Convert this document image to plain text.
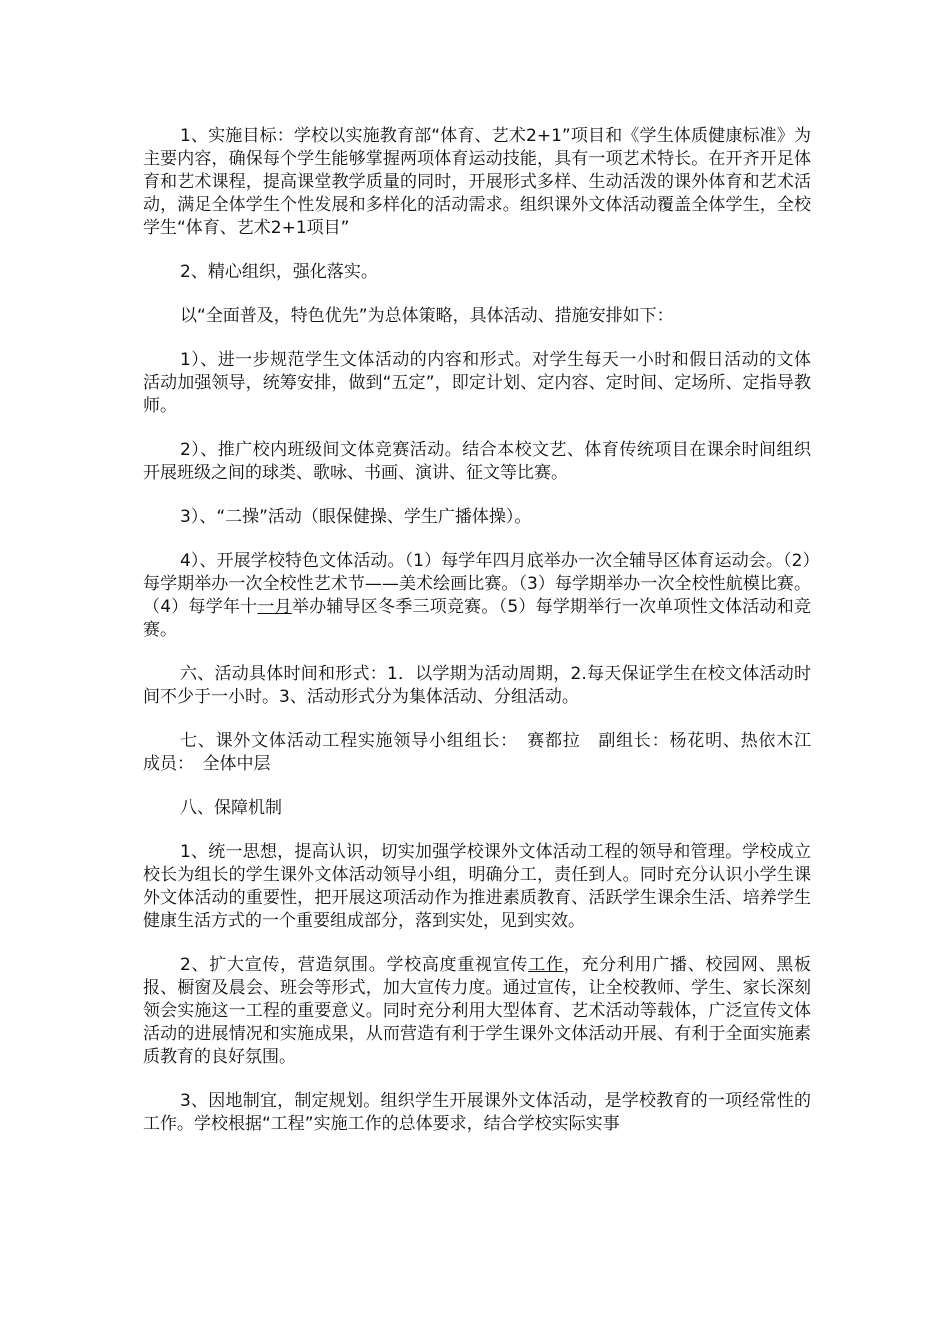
1、实施目标：学校以实施教育部“体育、艺术2+1”项目和《学生体质健康标准》为主要内容，确保每个学生能够掌握两项体育运动技能，具有一项艺术特长。在开齐开足体育和艺术课程，提高课堂教学质量的同时，开展形式多样、生动活泼的课外体育和艺术活动，满足全体学生个性发展和多样化的活动需求。组织课外文体活动覆盖全体学生，全校学生“体育、艺术2+1项目”

2、精心组织，强化落实。

以“全面普及，特色优先”为总体策略，具体活动、措施安排如下：

1）、进一步规范学生文体活动的内容和形式。对学生每天一小时和假日活动的文体活动加强领导，统筹安排，做到“五定”，即定计划、定内容、定时间、定场所、定指导教师。

2）、推广校内班级间文体竞赛活动。结合本校文艺、体育传统项目在课余时间组织开展班级之间的球类、歌咏、书画、演讲、征文等比赛。

3）、“二操”活动（眼保健操、学生广播体操）。

4）、开展学校特色文体活动。（1）每学年四月底举办一次全辅导区体育运动会。（2）每学期举办一次全校性艺术节——美术绘画比赛。（3）每学期举办一次全校性航模比赛。（4）每学年十一月举办辅导区冬季三项竞赛。（5）每学期举行一次单项性文体活动和竞赛。

六、活动具体时间和形式：1．以学期为活动周期，2.每天保证学生在校文体活动时间不少于一小时。3、活动形式分为集体活动、分组活动。

七、课外文体活动工程实施领导小组组长：　赛都拉　副组长：杨花明、热依木江　成员：　全体中层

八、保障机制

1、统一思想，提高认识，切实加强学校课外文体活动工程的领导和管理。学校成立校长为组长的学生课外文体活动领导小组，明确分工，责任到人。同时充分认识小学生课外文体活动的重要性，把开展这项活动作为推进素质教育、活跃学生课余生活、培养学生健康生活方式的一个重要组成部分，落到实处，见到实效。

2、扩大宣传，营造氛围。学校高度重视宣传工作，充分利用广播、校园网、黑板报、橱窗及晨会、班会等形式，加大宣传力度。通过宣传，让全校教师、学生、家长深刻领会实施这一工程的重要意义。同时充分利用大型体育、艺术活动等载体，广泛宣传文体活动的进展情况和实施成果，从而营造有利于学生课外文体活动开展、有利于全面实施素质教育的良好氛围。

3、因地制宜，制定规划。组织学生开展课外文体活动，是学校教育的一项经常性的工作。学校根据“工程”实施工作的总体要求，结合学校实际实事
